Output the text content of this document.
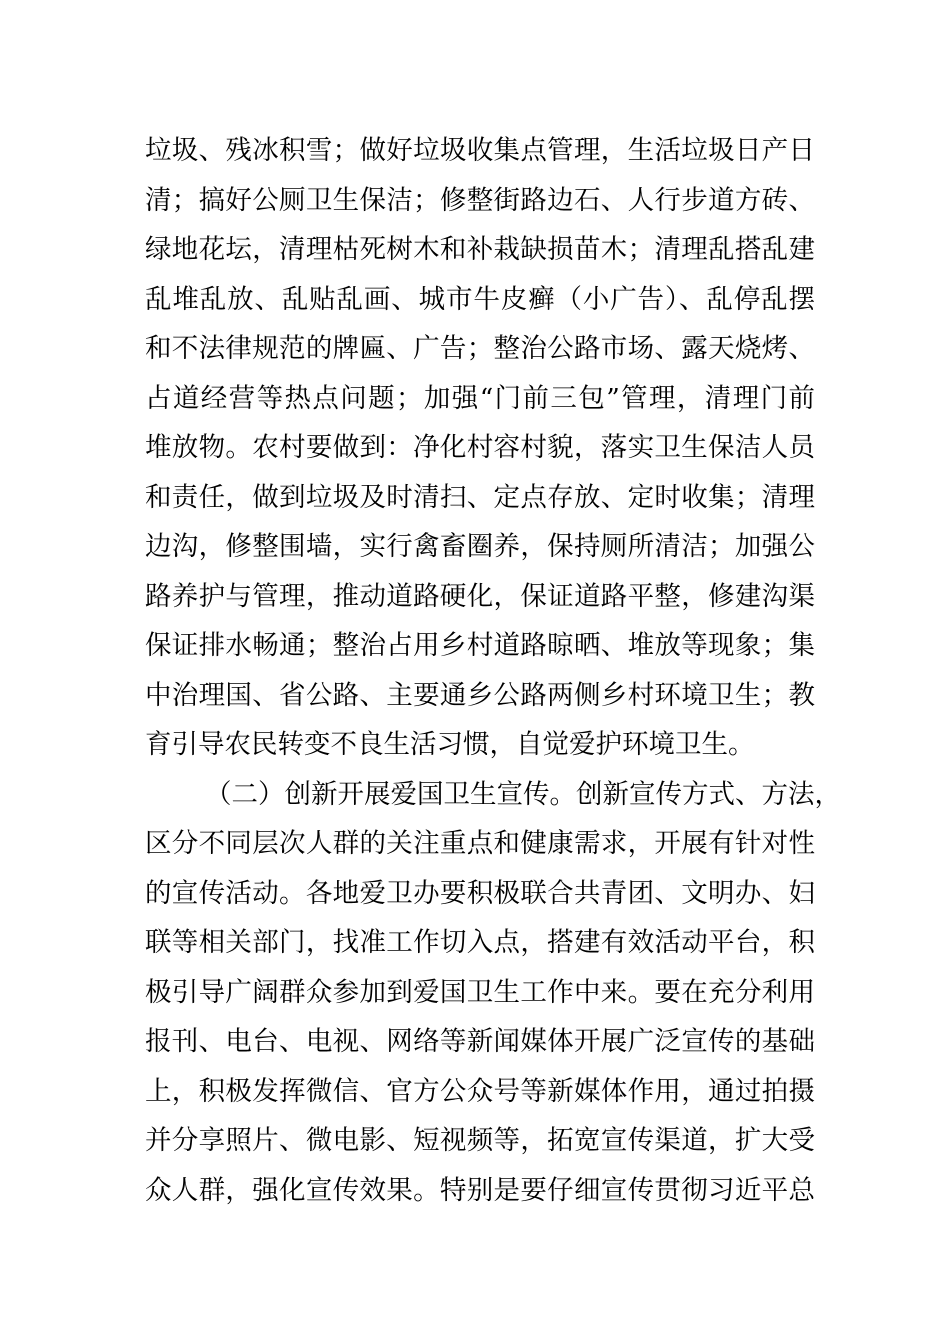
垃圾、残冰积雪；做好垃圾收集点管理，生活垃圾日产日
清；搞好公厕卫生保洁；修整街路边石、人行步道方砖、
绿地花坛，清理枯死树木和补栽缺损苗木；清理乱搭乱建
乱堆乱放、乱贴乱画、城市牛皮癣（小广告）、乱停乱摆
和不法律规范的牌匾、广告；整治公路市场、露天烧烤、
占道经营等热点问题；加强“门前三包”管理，清理门前
堆放物。农村要做到：净化村容村貌，落实卫生保洁人员
和责任，做到垃圾及时清扫、定点存放、定时收集；清理
边沟，修整围墙，实行禽畜圈养，保持厕所清洁；加强公
路养护与管理，推动道路硬化，保证道路平整，修建沟渠
保证排水畅通；整治占用乡村道路晾晒、堆放等现象；集
中治理国、省公路、主要通乡公路两侧乡村环境卫生；教
育引导农民转变不良生活习惯，自觉爱护环境卫生。
（二）创新开展爱国卫生宣传。创新宣传方式、方法，
区分不同层次人群的关注重点和健康需求，开展有针对性
的宣传活动。各地爱卫办要积极联合共青团、文明办、妇
联等相关部门，找准工作切入点，搭建有效活动平台，积
极引导广阔群众参加到爱国卫生工作中来。要在充分利用
报刊、电台、电视、网络等新闻媒体开展广泛宣传的基础
上，积极发挥微信、官方公众号等新媒体作用，通过拍摄
并分享照片、微电影、短视频等，拓宽宣传渠道，扩大受
众人群，强化宣传效果。特别是要仔细宣传贯彻习近平总
